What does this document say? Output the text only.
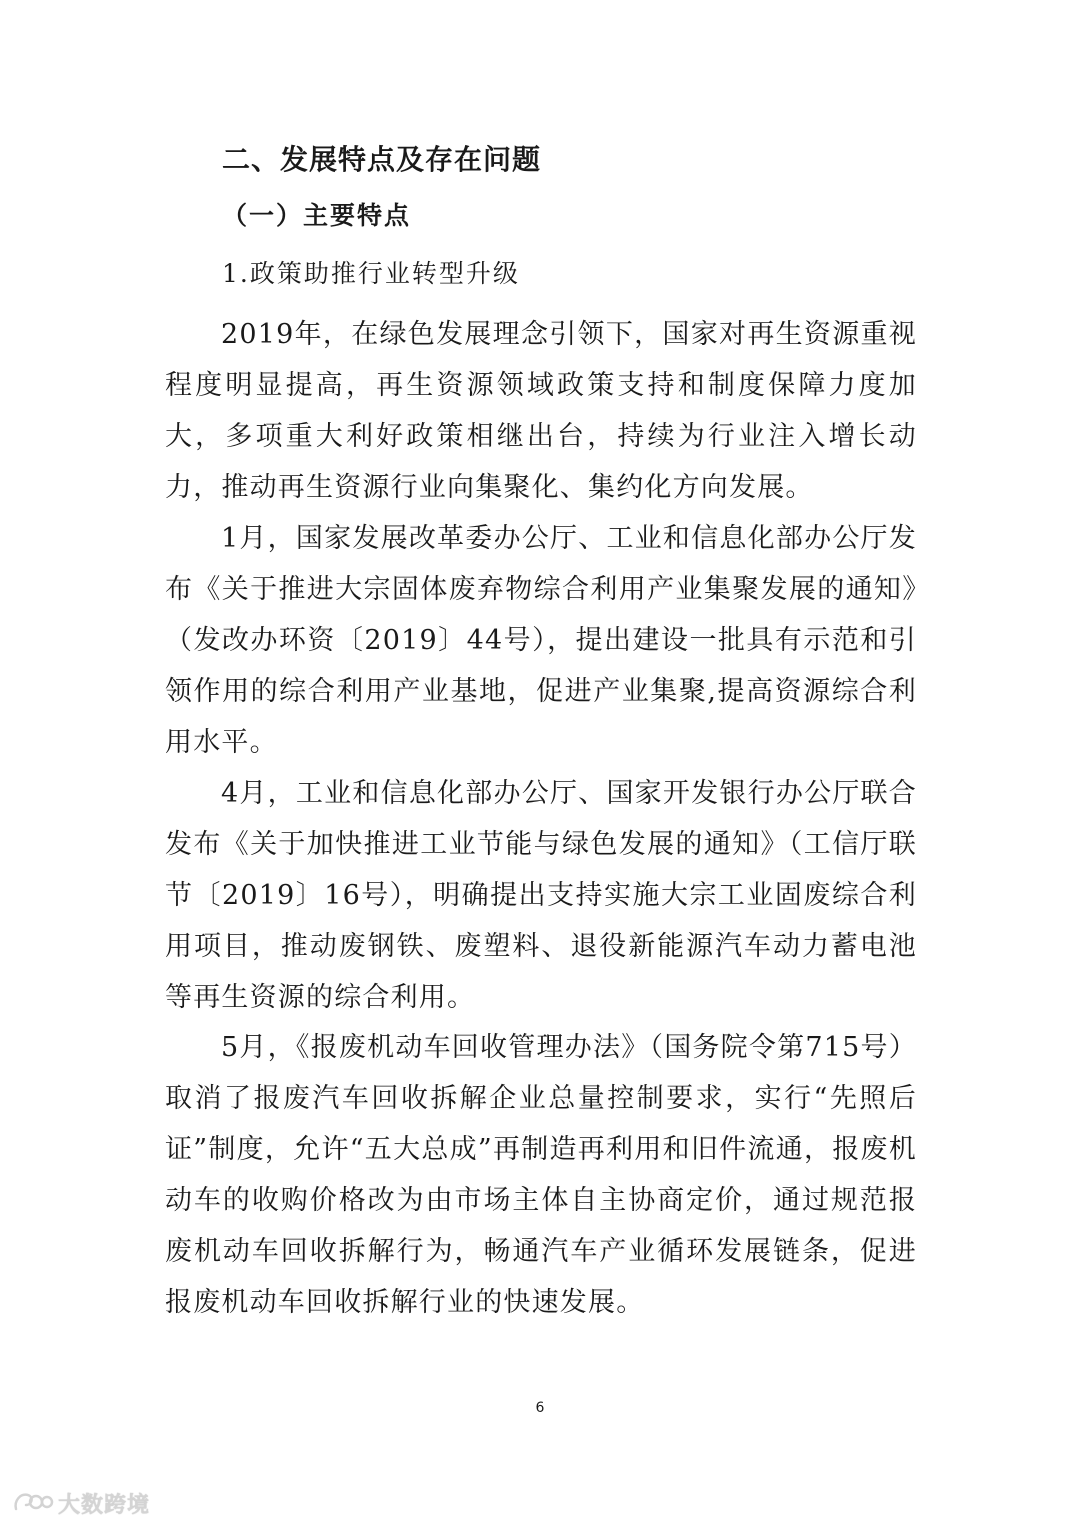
二、发展特点及存在问题
（一）主要特点
1.政策助推行业转型升级

2019年，在绿色发展理念引领下，国家对再生资源重视程度明显提高，再生资源领域政策支持和制度保障力度加大，多项重大利好政策相继出台，持续为行业注入增长动力，推动再生资源行业向集聚化、集约化方向发展。

1月，国家发展改革委办公厅、工业和信息化部办公厅发布《关于推进大宗固体废弃物综合利用产业集聚发展的通知》（发改办环资〔2019〕44号），提出建设一批具有示范和引领作用的综合利用产业基地，促进产业集聚,提高资源综合利用水平。

4月，工业和信息化部办公厅、国家开发银行办公厅联合发布《关于加快推进工业节能与绿色发展的通知》（工信厅联节〔2019〕16号），明确提出支持实施大宗工业固废综合利用项目，推动废钢铁、废塑料、退役新能源汽车动力蓄电池等再生资源的综合利用。

5月，《报废机动车回收管理办法》（国务院令第715号）取消了报废汽车回收拆解企业总量控制要求，实行“先照后证”制度，允许“五大总成”再制造再利用和旧件流通，报废机动车的收购价格改为由市场主体自主协商定价，通过规范报废机动车回收拆解行为，畅通汽车产业循环发展链条，促进报废机动车回收拆解行业的快速发展。

6
大数跨境
